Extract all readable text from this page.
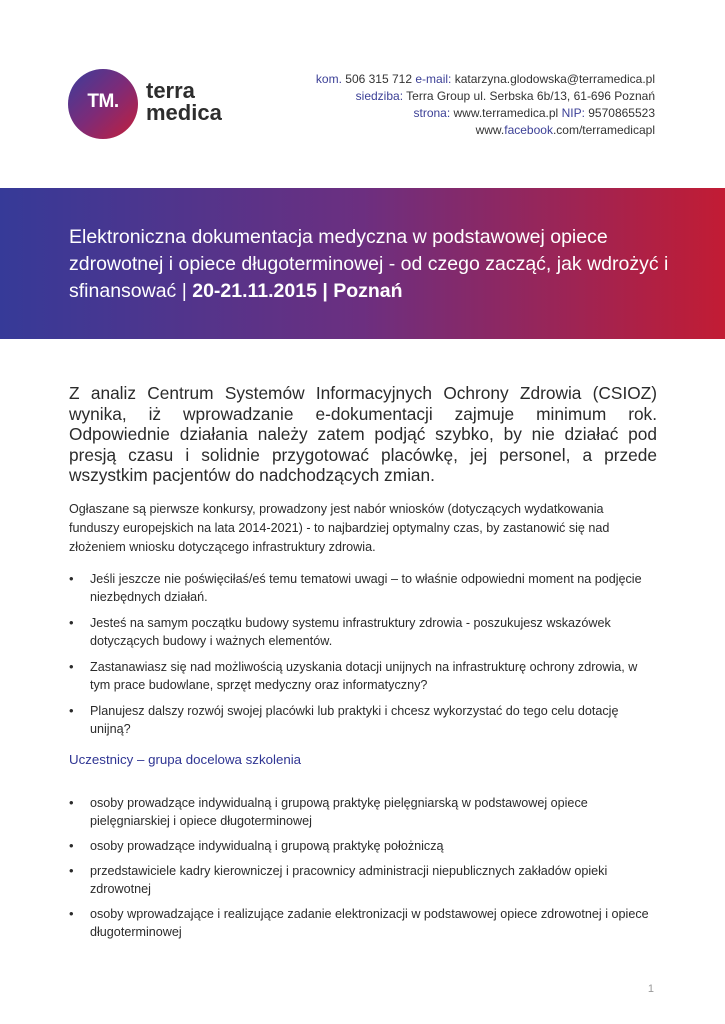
TM.	terra
medica
kom. 506 315 712 e-mail: katarzyna.glodowska@terramedica.pl
siedziba: Terra Group ul. Serbska 6b/13, 61-696 Poznań
strona: www.terramedica.pl NIP: 9570865523
www.facebook.com/terramedicapl
Elektroniczna dokumentacja medyczna w podstawowej opiece zdrowotnej i opiece długoterminowej - od czego zacząć, jak wdrożyć i sfinansować | 20-21.11.2015 | Poznań
Z analiz Centrum Systemów Informacyjnych Ochrony Zdrowia (CSIOZ) wynika, iż wprowadzanie e-dokumentacji zajmuje minimum rok. Odpowiednie działania należy zatem podjąć szybko, by nie działać pod presją czasu i solidnie przygotować placówkę, jej personel, a przede wszystkim pacjentów do nadchodzących zmian.
Ogłaszane są pierwsze konkursy, prowadzony jest nabór wniosków (dotyczących wydatkowania funduszy europejskich na lata 2014-2021) - to najbardziej optymalny czas, by zastanowić się nad złożeniem wniosku dotyczącego infrastruktury zdrowia.
• Jeśli jeszcze nie poświęciłaś/eś temu tematowi uwagi – to właśnie odpowiedni moment na podjęcie niezbędnych działań.
• Jesteś na samym początku budowy systemu infrastruktury zdrowia - poszukujesz wskazówek dotyczących budowy i ważnych elementów.
• Zastanawiasz się nad możliwością uzyskania dotacji unijnych na infrastrukturę ochrony zdrowia, w tym prace budowlane, sprzęt medyczny oraz informatyczny?
• Planujesz dalszy rozwój swojej placówki lub praktyki i chcesz wykorzystać do tego celu dotację unijną?
Uczestnicy – grupa docelowa szkolenia
• osoby prowadzące indywidualną i grupową praktykę pielęgniarską w podstawowej opiece pielęgniarskiej i opiece długoterminowej
• osoby prowadzące indywidualną i grupową praktykę położniczą
• przedstawiciele kadry kierowniczej i pracownicy administracji niepublicznych zakładów opieki zdrowotnej
• osoby wprowadzające i realizujące zadanie elektronizacji w podstawowej opiece zdrowotnej i opiece długoterminowej
1
